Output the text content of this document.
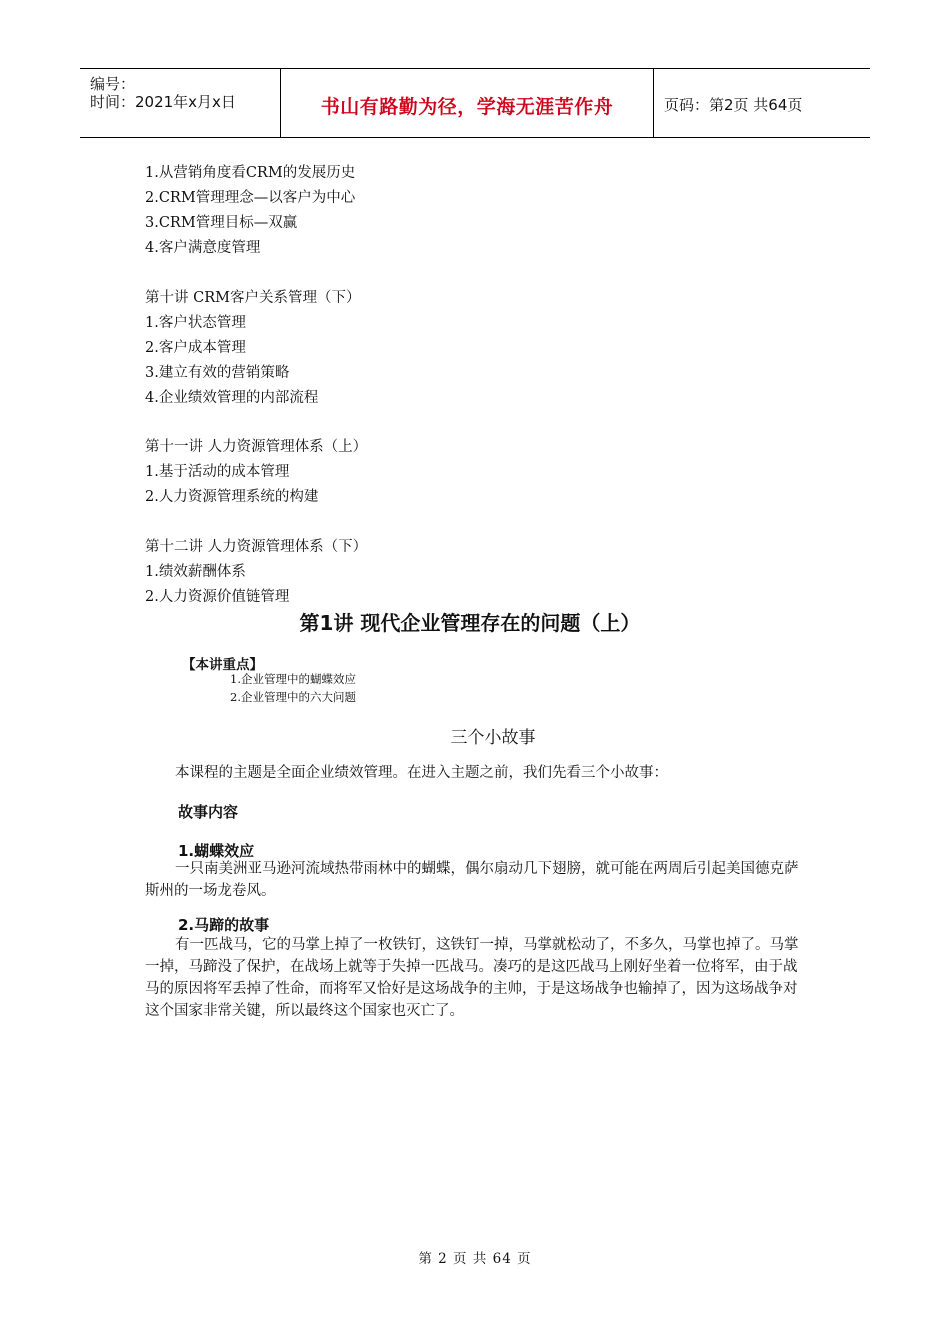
编号：
时间：2021年x月x日	书山有路勤为径，学海无涯苦作舟	页码：第2页 共64页
1.从营销角度看CRM的发展历史
2.CRM管理理念—以客户为中心
3.CRM管理目标—双赢
4.客户满意度管理
第十讲 CRM客户关系管理（下）
1.客户状态管理
2.客户成本管理
3.建立有效的营销策略
4.企业绩效管理的内部流程
第十一讲 人力资源管理体系（上）
1.基于活动的成本管理
2.人力资源管理系统的构建
第十二讲 人力资源管理体系（下）
1.绩效薪酬体系
2.人力资源价值链管理
第1讲 现代企业管理存在的问题（上）
【本讲重点】
1.企业管理中的蝴蝶效应
2.企业管理中的六大问题
三个小故事
本课程的主题是全面企业绩效管理。在进入主题之前，我们先看三个小故事：
故事内容
1.蝴蝶效应
一只南美洲亚马逊河流域热带雨林中的蝴蝶，偶尔扇动几下翅膀，就可能在两周后引起美国德克萨斯州的一场龙卷风。
2.马蹄的故事
有一匹战马，它的马掌上掉了一枚铁钉，这铁钉一掉，马掌就松动了，不多久，马掌也掉了。马掌一掉，马蹄没了保护，在战场上就等于失掉一匹战马。凑巧的是这匹战马上刚好坐着一位将军，由于战马的原因将军丢掉了性命，而将军又恰好是这场战争的主帅，于是这场战争也输掉了，因为这场战争对这个国家非常关键，所以最终这个国家也灭亡了。
第 2 页 共 64 页
